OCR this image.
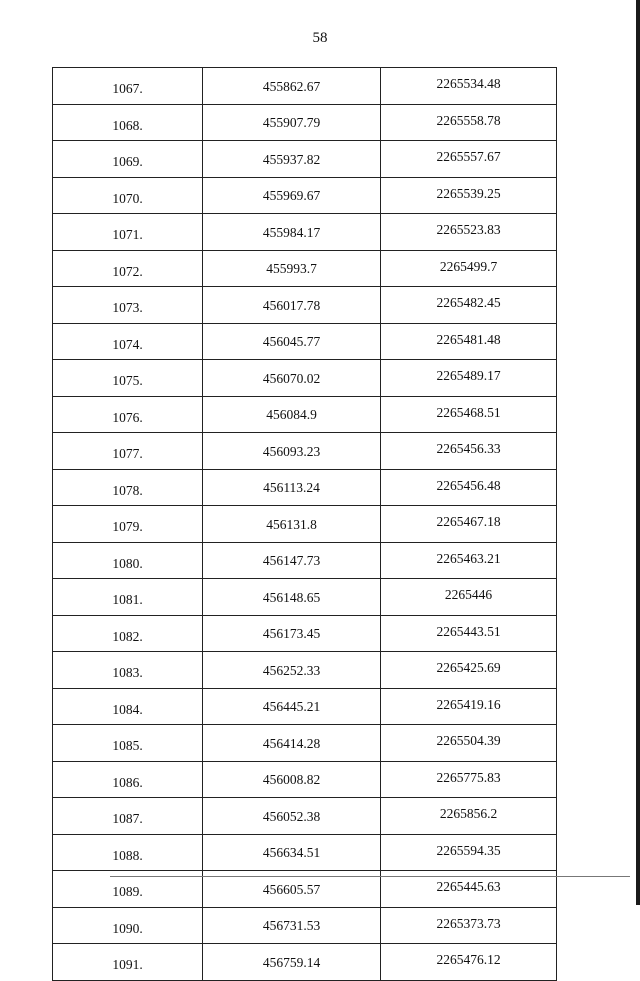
58
1067.	455862.67	2265534.48
1068.	455907.79	2265558.78
1069.	455937.82	2265557.67
1070.	455969.67	2265539.25
1071.	455984.17	2265523.83
1072.	455993.7	2265499.7
1073.	456017.78	2265482.45
1074.	456045.77	2265481.48
1075.	456070.02	2265489.17
1076.	456084.9	2265468.51
1077.	456093.23	2265456.33
1078.	456113.24	2265456.48
1079.	456131.8	2265467.18
1080.	456147.73	2265463.21
1081.	456148.65	2265446
1082.	456173.45	2265443.51
1083.	456252.33	2265425.69
1084.	456445.21	2265419.16
1085.	456414.28	2265504.39
1086.	456008.82	2265775.83
1087.	456052.38	2265856.2
1088.	456634.51	2265594.35
1089.	456605.57	2265445.63
1090.	456731.53	2265373.73
1091.	456759.14	2265476.12
